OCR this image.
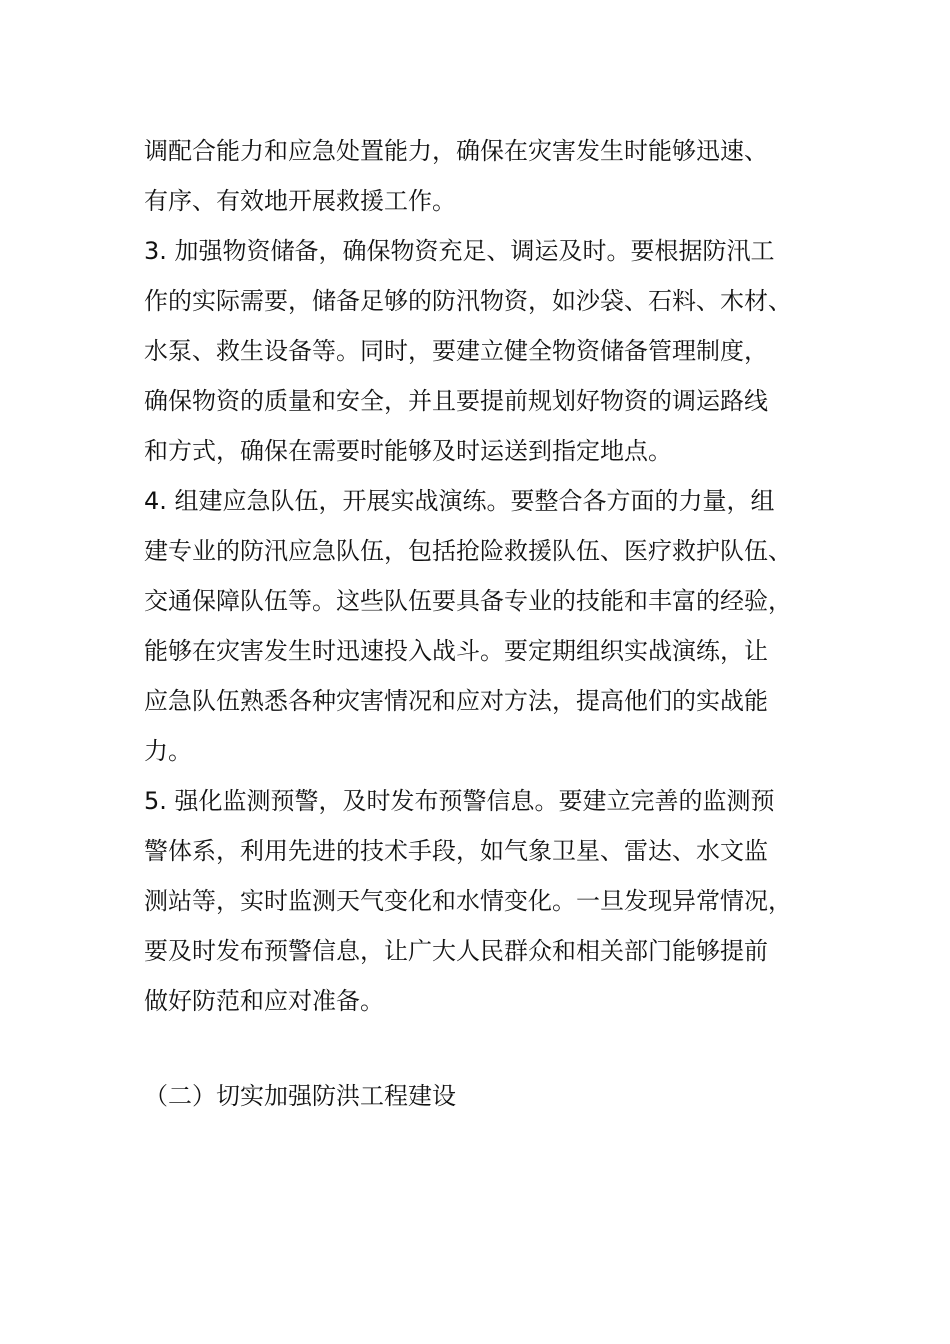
调配合能力和应急处置能力，确保在灾害发生时能够迅速、
有序、有效地开展救援工作。
3. 加强物资储备，确保物资充足、调运及时。要根据防汛工
作的实际需要，储备足够的防汛物资，如沙袋、石料、木材、
水泵、救生设备等。同时，要建立健全物资储备管理制度，
确保物资的质量和安全，并且要提前规划好物资的调运路线
和方式，确保在需要时能够及时运送到指定地点。
4. 组建应急队伍，开展实战演练。要整合各方面的力量，组
建专业的防汛应急队伍，包括抢险救援队伍、医疗救护队伍、
交通保障队伍等。这些队伍要具备专业的技能和丰富的经验，
能够在灾害发生时迅速投入战斗。要定期组织实战演练，让
应急队伍熟悉各种灾害情况和应对方法，提高他们的实战能
力。
5. 强化监测预警，及时发布预警信息。要建立完善的监测预
警体系，利用先进的技术手段，如气象卫星、雷达、水文监
测站等，实时监测天气变化和水情变化。一旦发现异常情况，
要及时发布预警信息，让广大人民群众和相关部门能够提前
做好防范和应对准备。
（二）切实加强防洪工程建设
